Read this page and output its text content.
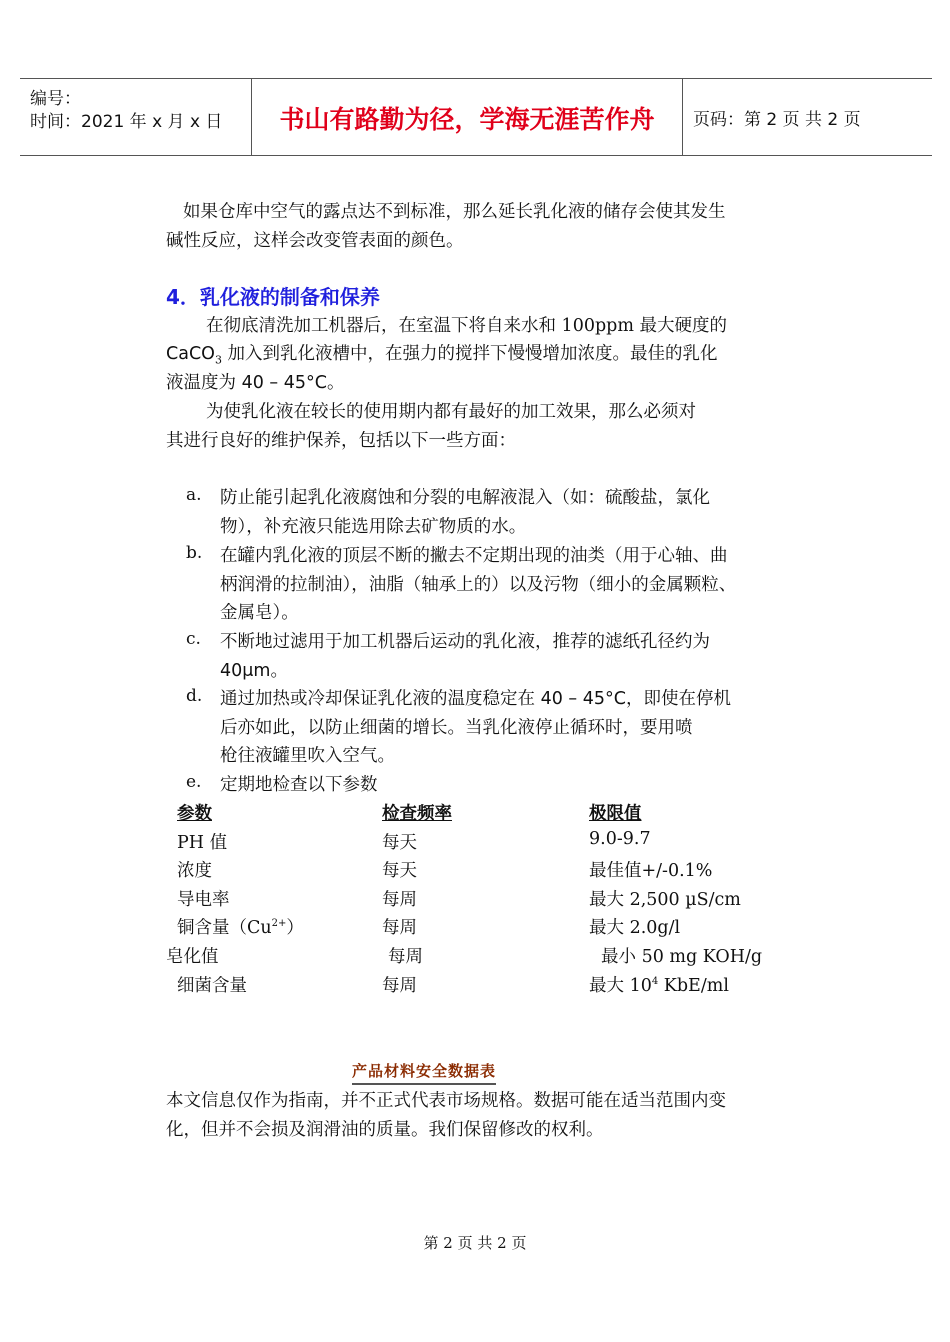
编号：
时间：2021 年 x 月 x 日	书山有路勤为径，学海无涯苦作舟	页码：第 2 页 共 2 页
如果仓库中空气的露点达不到标准，那么延长乳化液的储存会使其发生
碱性反应，这样会改变管表面的颜色。
4．乳化液的制备和保养
在彻底清洗加工机器后，在室温下将自来水和 100ppm 最大硬度的
CaCO$_3$ 加入到乳化液槽中，在强力的搅拌下慢慢增加浓度。最佳的乳化
液温度为 40 – 45°C。
为使乳化液在较长的使用期内都有最好的加工效果，那么必须对
其进行良好的维护保养，包括以下一些方面：
a. 防止能引起乳化液腐蚀和分裂的电解液混入（如：硫酸盐，氯化
物），补充液只能选用除去矿物质的水。
b. 在罐内乳化液的顶层不断的撇去不定期出现的油类（用于心轴、曲
柄润滑的拉制油），油脂（轴承上的）以及污物（细小的金属颗粒、
金属皂）。
c. 不断地过滤用于加工机器后运动的乳化液，推荐的滤纸孔径约为
40μm。
d. 通过加热或冷却保证乳化液的温度稳定在 40 – 45°C，即使在停机
后亦如此，以防止细菌的增长。当乳化液停止循环时，要用喷
枪往液罐里吹入空气。
e. 定期地检查以下参数
参数	检查频率	极限值
PH 值	每天	9.0-9.7
浓度	每天	最佳值+/-0.1%
导电率	每周	最大 2,500 µS/cm
铜含量$(Cu^{2+})$	每周	最大 2.0g/l
皂化值	每周	最小 50 mg KOH/g
细菌含量	每周	最大 $10^4$ KbE/ml
产品材料安全数据表
本文信息仅作为指南，并不正式代表市场规格。数据可能在适当范围内变
化，但并不会损及润滑油的质量。我们保留修改的权利。
第 2 页 共 2 页
